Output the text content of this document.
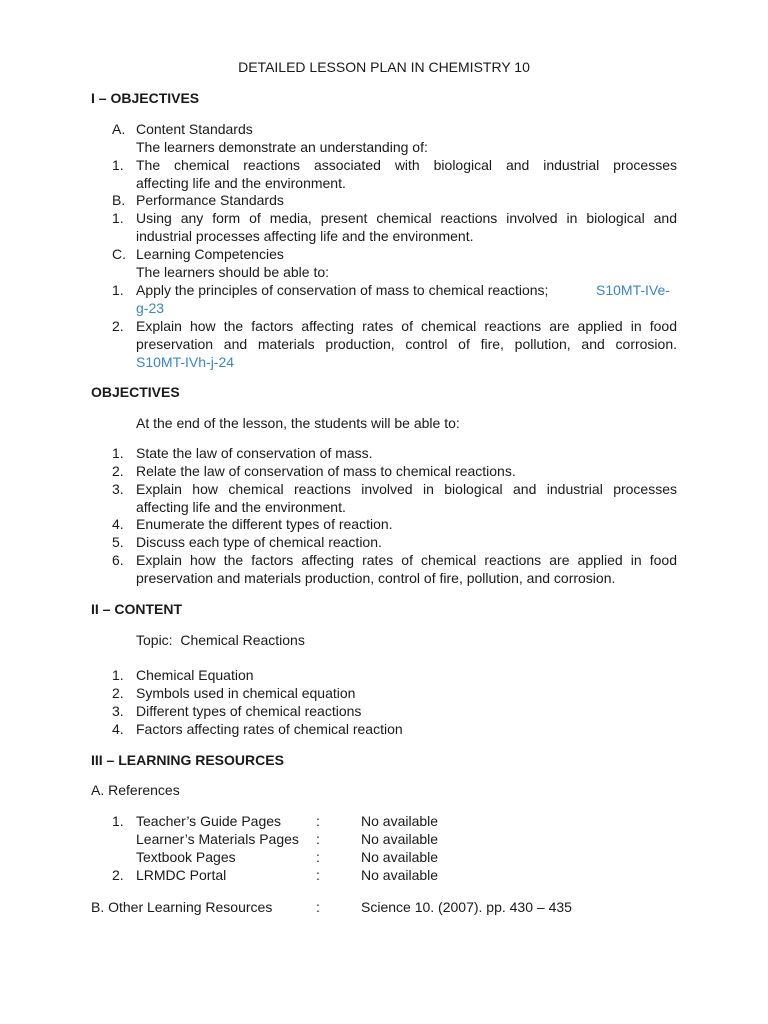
DETAILED LESSON PLAN IN CHEMISTRY 10
I – OBJECTIVES
A. Content Standards
The learners demonstrate an understanding of:
1. The chemical reactions associated with biological and industrial processes
affecting life and the environment.
B. Performance Standards
1. Using any form of media, present chemical reactions involved in biological and
industrial processes affecting life and the environment.
C. Learning Competencies
The learners should be able to:
1. Apply the principles of conservation of mass to chemical reactions;	S10MT-IVe-
g-23
2. Explain how the factors affecting rates of chemical reactions are applied in food
preservation and materials production, control of fire, pollution, and corrosion.
S10MT-IVh-j-24
OBJECTIVES
At the end of the lesson, the students will be able to:
1. State the law of conservation of mass.
2. Relate the law of conservation of mass to chemical reactions.
3. Explain how chemical reactions involved in biological and industrial processes
affecting life and the environment.
4. Enumerate the different types of reaction.
5. Discuss each type of chemical reaction.
6. Explain how the factors affecting rates of chemical reactions are applied in food
preservation and materials production, control of fire, pollution, and corrosion.
II – CONTENT
Topic:  Chemical Reactions
1. Chemical Equation
2. Symbols used in chemical equation
3. Different types of chemical reactions
4. Factors affecting rates of chemical reaction
III – LEARNING RESOURCES
A. References
1. Teacher’s Guide Pages :	No available
Learner’s Materials Pages :	No available
Textbook Pages	:	No available
2. LRMDC Portal	:	No available
B. Other Learning Resources	:	Science 10. (2007). pp. 430 – 435
